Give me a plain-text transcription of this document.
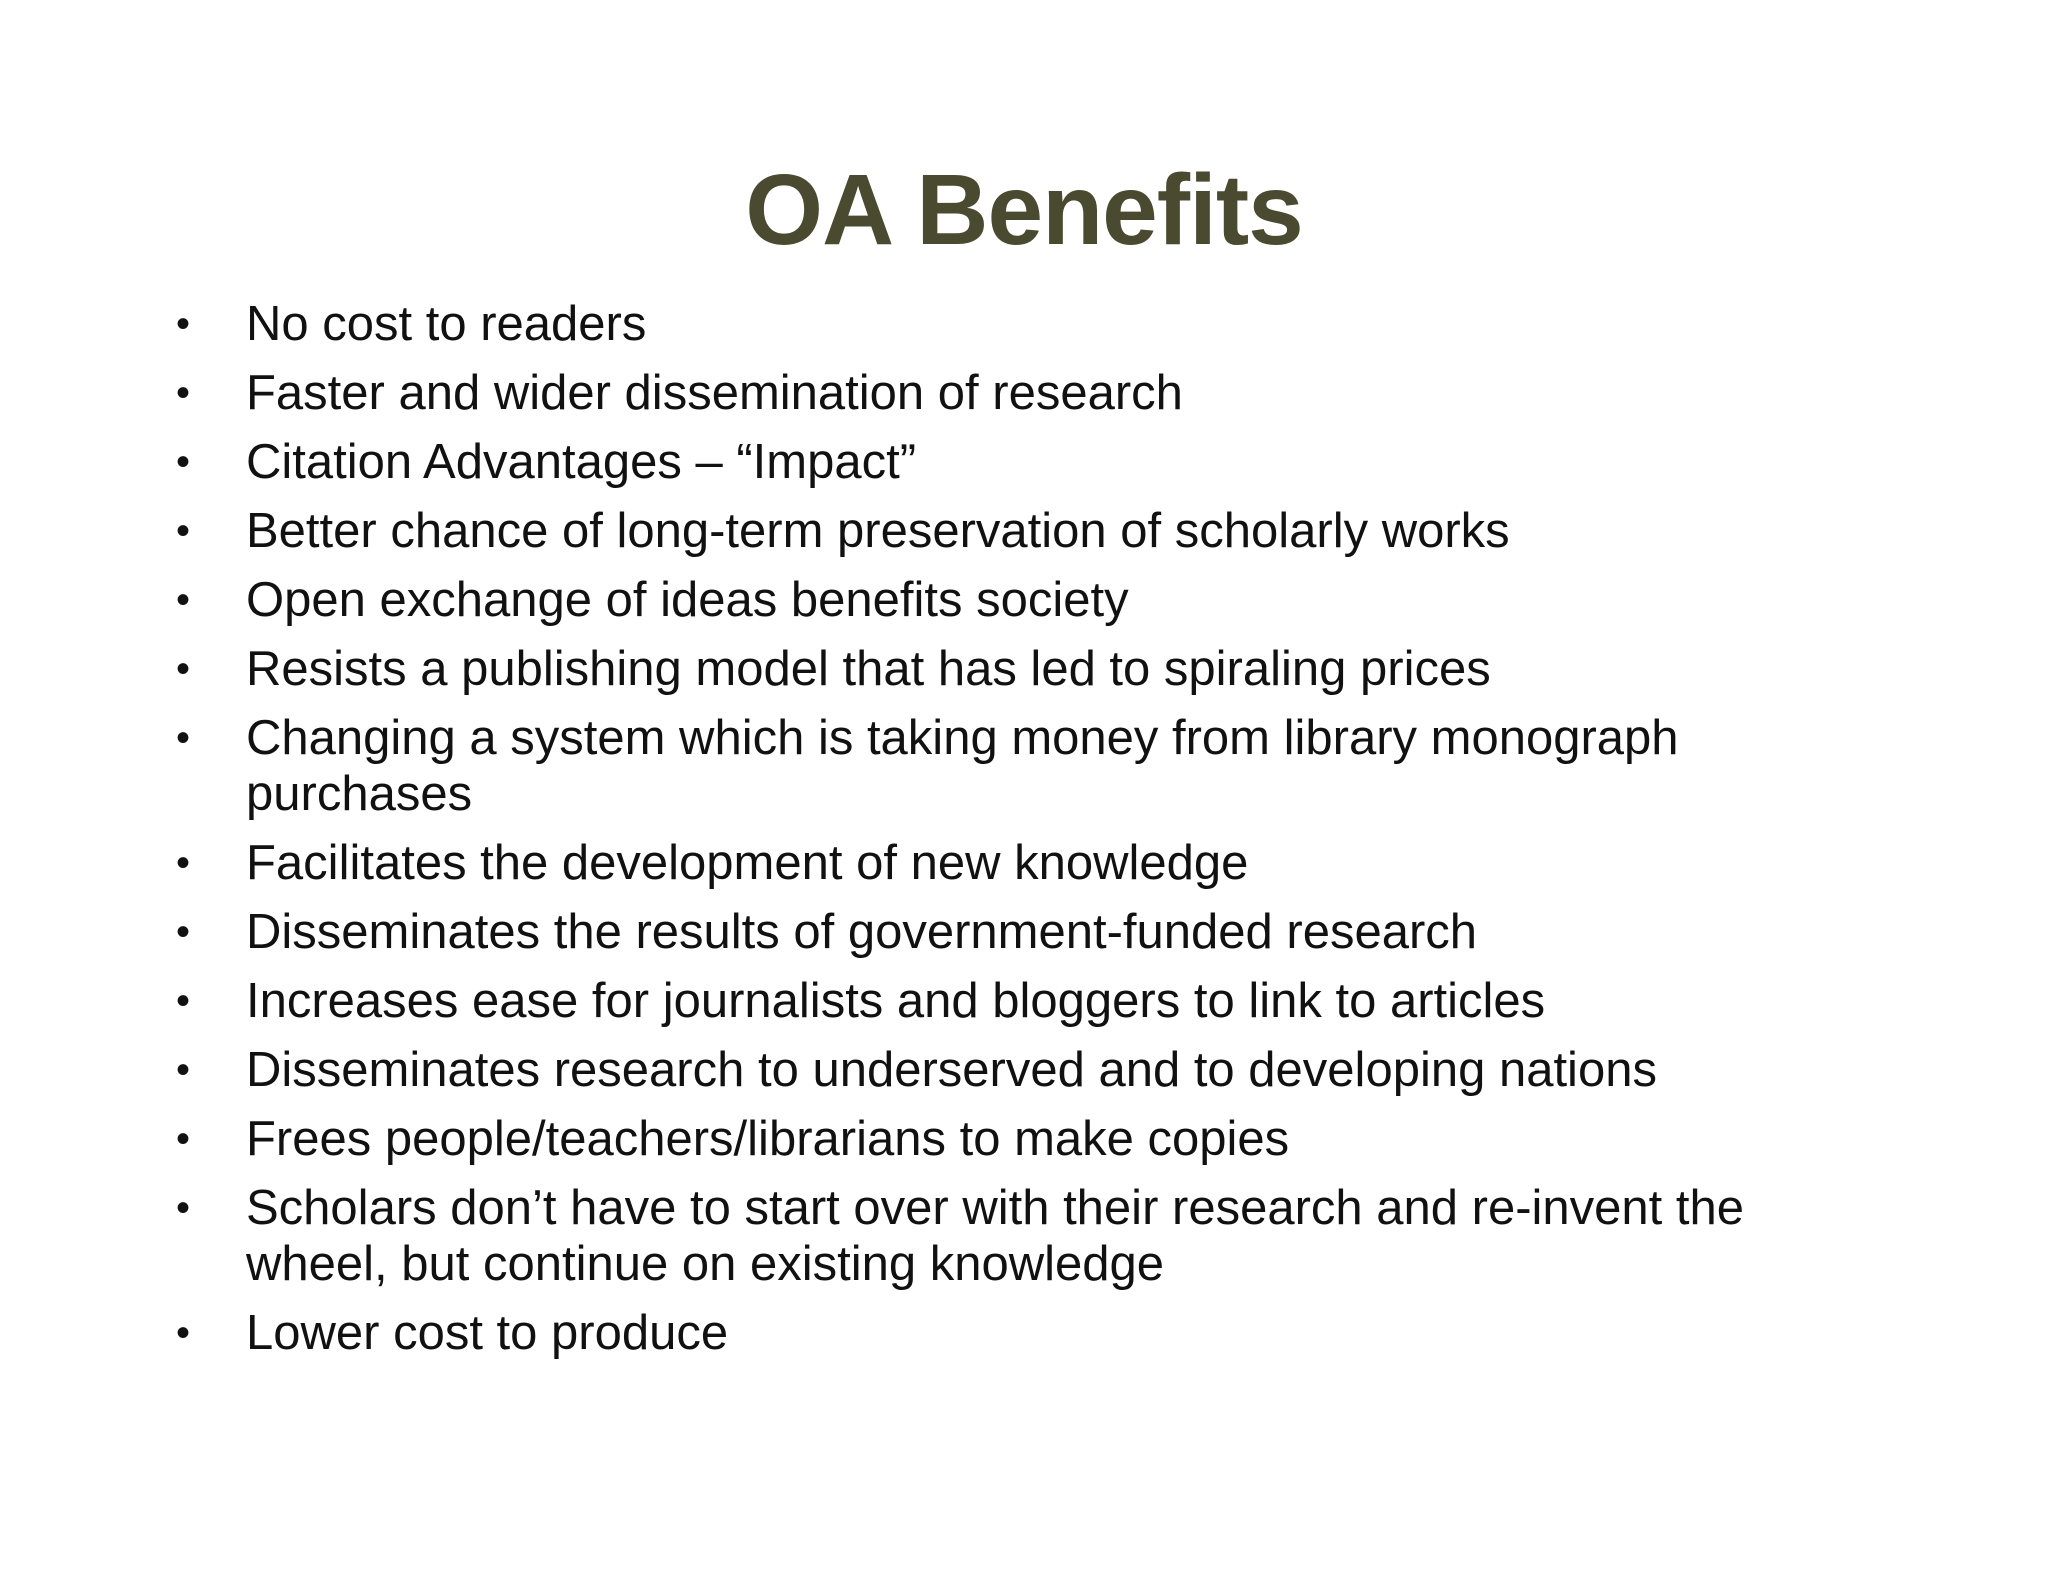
OA Benefits
• No cost to readers
• Faster and wider dissemination of research
• Citation Advantages – “Impact”
• Better chance of long-term preservation of scholarly works
• Open exchange of ideas benefits society
• Resists a publishing model that has led to spiraling prices
• Changing a system which is taking money from library monograph purchases
• Facilitates the development of new knowledge
• Disseminates the results of government-funded research
• Increases ease for journalists and bloggers to link to articles
• Disseminates research to underserved and to developing nations
• Frees people/teachers/librarians to make copies
• Scholars don’t have to start over with their research and re-invent the wheel, but continue on existing knowledge
• Lower cost to produce
